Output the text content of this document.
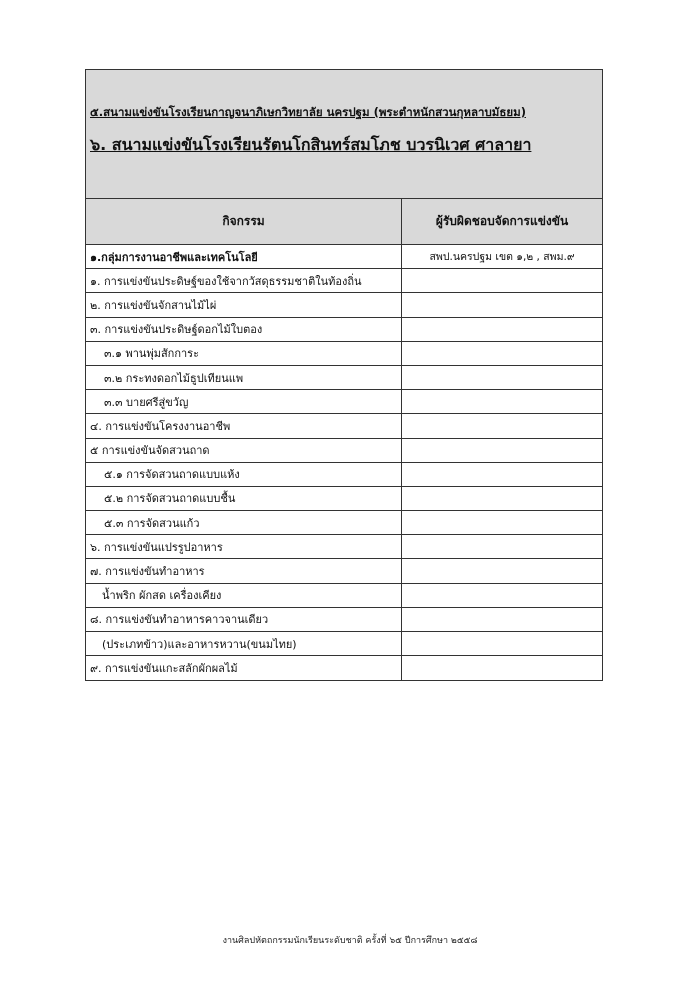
๕.สนามแข่งขันโรงเรียนกาญจนาภิเษกวิทยาลัย นครปฐม (พระตำหนักสวนกุหลาบมัธยม)
๖. สนามแข่งขันโรงเรียนรัตนโกสินทร์สมโภช บวรนิเวศ ศาลายา
กิจกรรม	ผู้รับผิดชอบจัดการแข่งขัน
๑.กลุ่มการงานอาชีพและเทคโนโลยี	สพป.นครปฐม เขต ๑,๒ , สพม.๙
๑. การแข่งขันประดิษฐ์ของใช้จากวัสดุธรรมชาติในท้องถิ่น
๒. การแข่งขันจักสานไม้ไผ่
๓. การแข่งขันประดิษฐ์ดอกไม้ใบตอง
๓.๑ พานพุ่มสักการะ
๓.๒ กระทงดอกไม้ธูปเทียนแพ
๓.๓ บายศรีสู่ขวัญ
๔. การแข่งขันโครงงานอาชีพ
๕ การแข่งขันจัดสวนถาด
๕.๑ การจัดสวนถาดแบบแห้ง
๕.๒ การจัดสวนถาดแบบชื้น
๕.๓ การจัดสวนแก้ว
๖. การแข่งขันแปรรูปอาหาร
๗. การแข่งขันทำอาหาร
น้ำพริก ผักสด เครื่องเคียง
๘. การแข่งขันทำอาหารคาวจานเดียว
(ประเภทข้าว)และอาหารหวาน(ขนมไทย)
๙. การแข่งขันแกะสลักผักผลไม้
งานศิลปหัตถกรรมนักเรียนระดับชาติ ครั้งที่ ๖๕ ปีการศึกษา ๒๕๕๘
